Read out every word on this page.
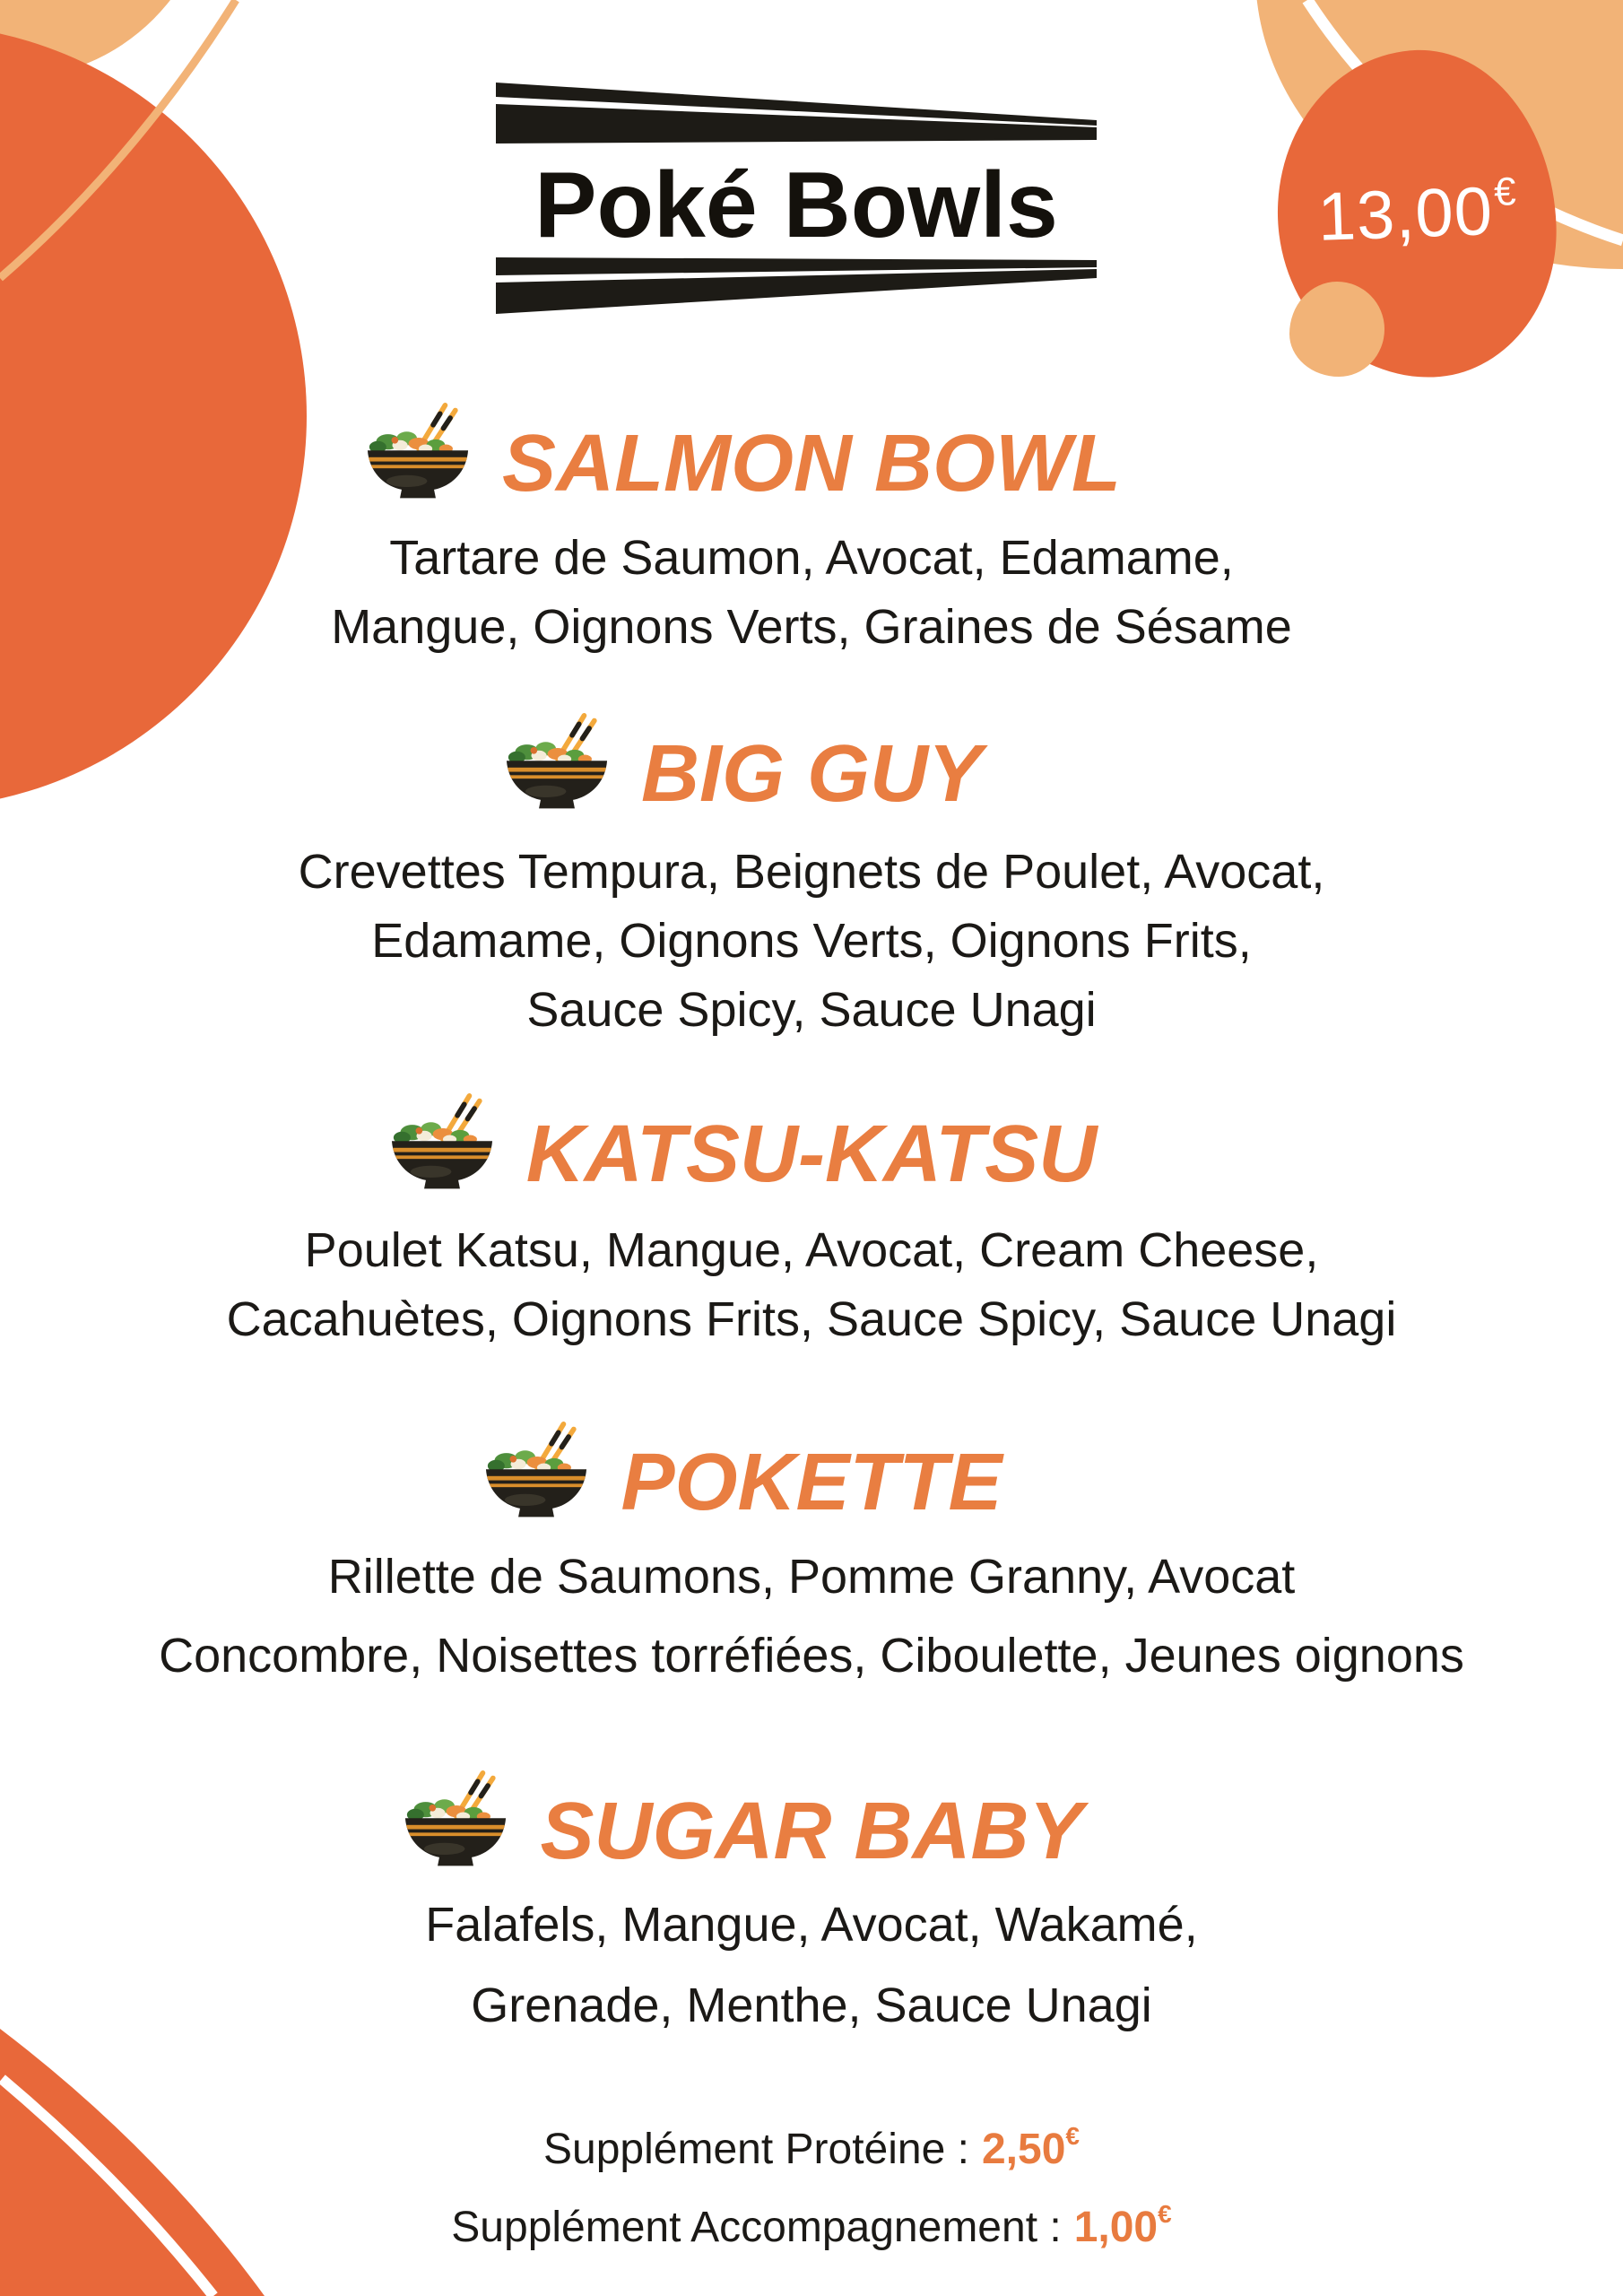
13,00€
Poké Bowls
SALMON BOWL
Tartare de Saumon, Avocat, Edamame,
Mangue, Oignons Verts, Graines de Sésame
BIG GUY
Crevettes Tempura, Beignets de Poulet, Avocat,
Edamame, Oignons Verts, Oignons Frits,
Sauce Spicy, Sauce Unagi
KATSU-KATSU
Poulet Katsu, Mangue, Avocat, Cream Cheese,
Cacahuètes, Oignons Frits, Sauce Spicy, Sauce Unagi
POKETTE
Rillette de Saumons, Pomme Granny, Avocat
Concombre, Noisettes torréfiées, Ciboulette, Jeunes oignons
SUGAR BABY
Falafels, Mangue, Avocat, Wakamé,
Grenade, Menthe, Sauce Unagi
Supplément Protéine : 2,50€
Supplément Accompagnement : 1,00€
